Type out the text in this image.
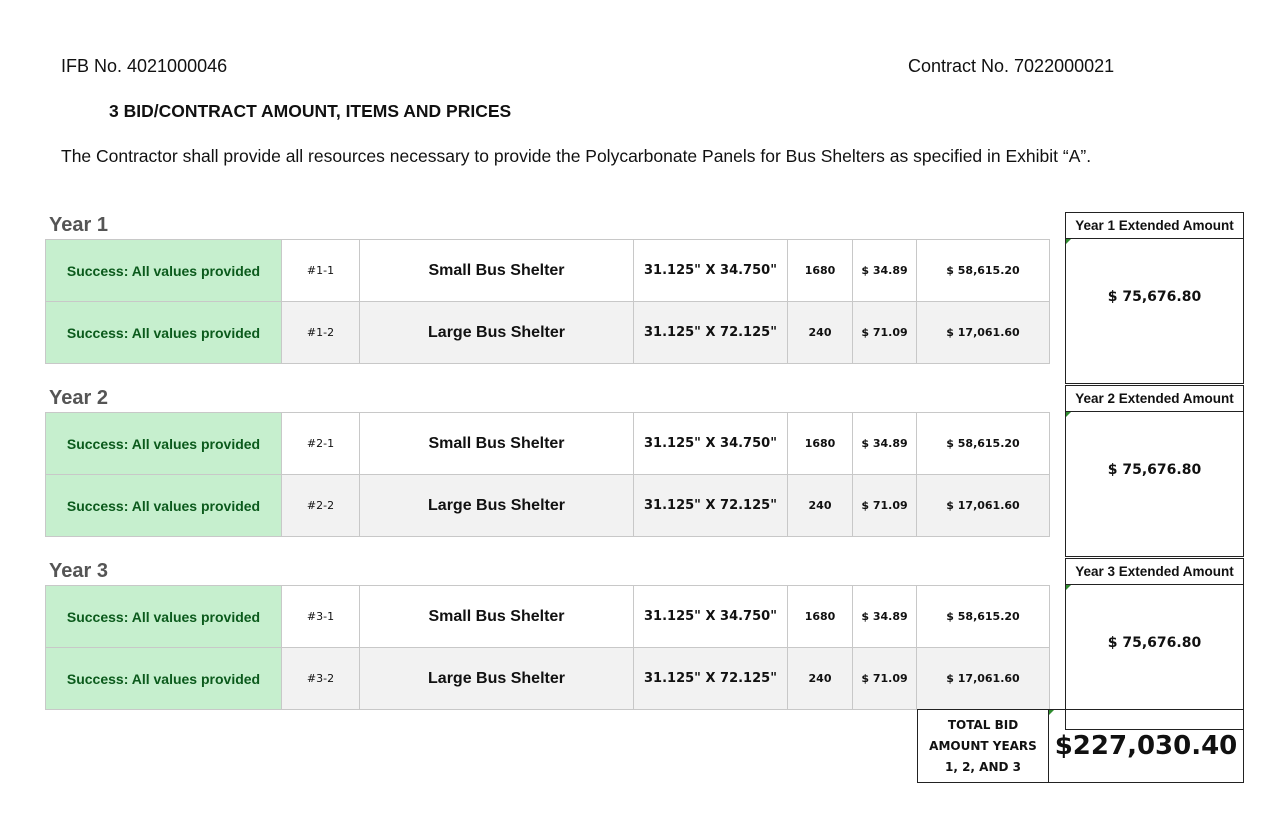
IFB No. 4021000046	Contract No. 7022000021
3 BID/CONTRACT AMOUNT, ITEMS AND PRICES
The Contractor shall provide all resources necessary to provide the Polycarbonate Panels for Bus Shelters as specified in Exhibit “A”.
Year 1
Success: All values provided	#1-1	Small Bus Shelter	31.125" X 34.750"	1680	$ 34.89	$ 58,615.20
Success: All values provided	#1-2	Large Bus Shelter	31.125" X 72.125"	240	$ 71.09	$ 17,061.60
Year 1 Extended Amount
$ 75,676.80
Year 2
Success: All values provided	#2-1	Small Bus Shelter	31.125" X 34.750"	1680	$ 34.89	$ 58,615.20
Success: All values provided	#2-2	Large Bus Shelter	31.125" X 72.125"	240	$ 71.09	$ 17,061.60
Year 2 Extended Amount
$ 75,676.80
Year 3
Success: All values provided	#3-1	Small Bus Shelter	31.125" X 34.750"	1680	$ 34.89	$ 58,615.20
Success: All values provided	#3-2	Large Bus Shelter	31.125" X 72.125"	240	$ 71.09	$ 17,061.60
Year 3 Extended Amount
$ 75,676.80
TOTAL BID
AMOUNT YEARS
1, 2, AND 3
$227,030.40
